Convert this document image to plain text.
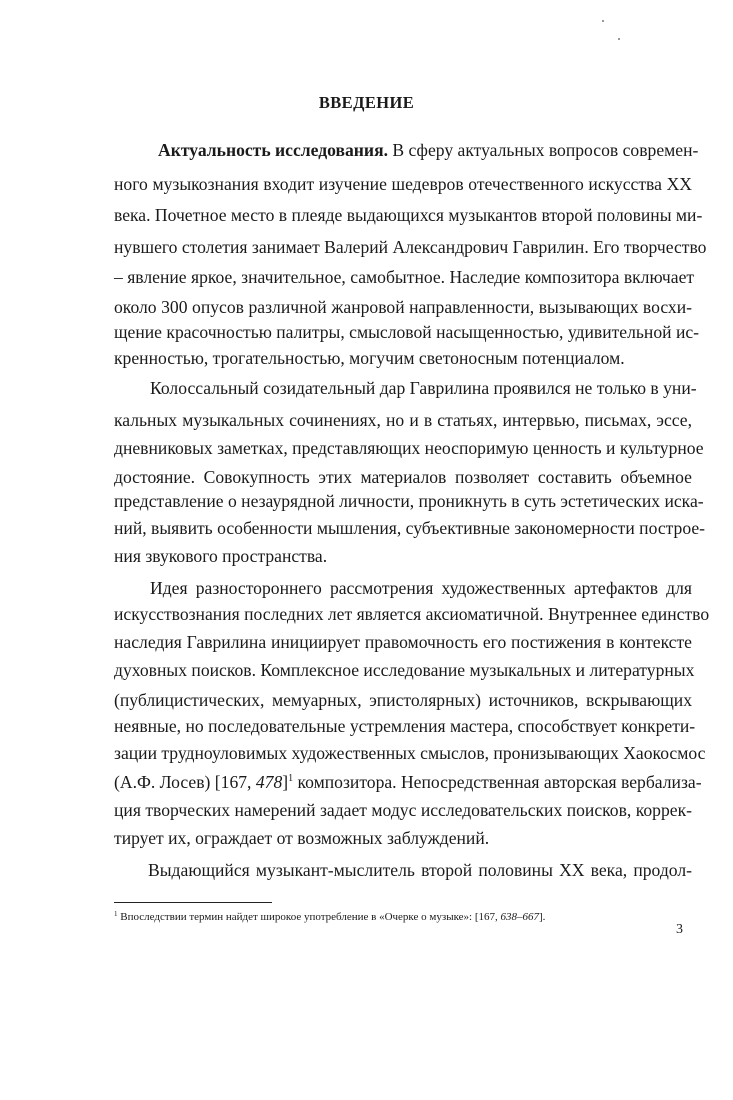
ВВЕДЕНИЕ
Актуальность исследования. В сферу актуальных вопросов современ-
ного музыкознания входит изучение шедевров отечественного искусства XX
века. Почетное место в плеяде выдающихся музыкантов второй половины ми-
нувшего столетия занимает Валерий Александрович Гаврилин. Его творчество
– явление яркое, значительное, самобытное. Наследие композитора включает
около 300 опусов различной жанровой направленности, вызывающих восхи-
щение красочностью палитры, смысловой насыщенностью, удивительной ис-
кренностью, трогательностью, могучим светоносным потенциалом.
Колоссальный созидательный дар Гаврилина проявился не только в уни-
кальных музыкальных сочинениях, но и в статьях, интервью, письмах, эссе,
дневниковых заметках, представляющих неоспоримую ценность и культурное
достояние. Совокупность этих материалов позволяет составить объемное
представление о незаурядной личности, проникнуть в суть эстетических иска-
ний, выявить особенности мышления, субъективные закономерности построе-
ния звукового пространства.
Идея разностороннего рассмотрения художественных артефактов для
искусствознания последних лет является аксиоматичной. Внутреннее единство
наследия Гаврилина инициирует правомочность его постижения в контексте
духовных поисков. Комплексное исследование музыкальных и литературных
(публицистических, мемуарных, эпистолярных) источников, вскрывающих
неявные, но последовательные устремления мастера, способствует конкрети-
зации трудноуловимых художественных смыслов, пронизывающих Хаокосмос
(А.Ф. Лосев) [167, 478]$^1$ композитора. Непосредственная авторская вербализа-
ция творческих намерений задает модус исследовательских поисков, коррек-
тирует их, ограждает от возможных заблуждений.
Выдающийся музыкант-мыслитель второй половины XX века, продол-
$^1$ Впоследствии термин найдет широкое употребление в «Очерке о музыке»: [167, 638–667].
3
